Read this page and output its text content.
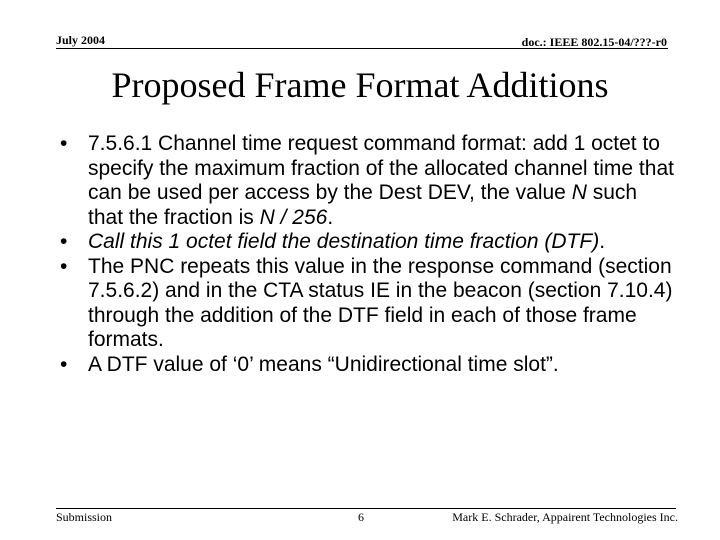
July 2004	doc.: IEEE 802.15-04/???-r0
Proposed Frame Format Additions
• 7.5.6.1 Channel time request command format: add 1 octet to specify the maximum fraction of the allocated channel time that can be used per access by the Dest DEV, the value N such that the fraction is N / 256.
• Call this 1 octet field the destination time fraction (DTF).
• The PNC repeats this value in the response command (section 7.5.6.2) and in the CTA status IE in the beacon (section 7.10.4) through the addition of the DTF field in each of those frame formats.
• A DTF value of ‘0’ means “Unidirectional time slot”.
Submission	6	Mark E. Schrader, Appairent Technologies Inc.
